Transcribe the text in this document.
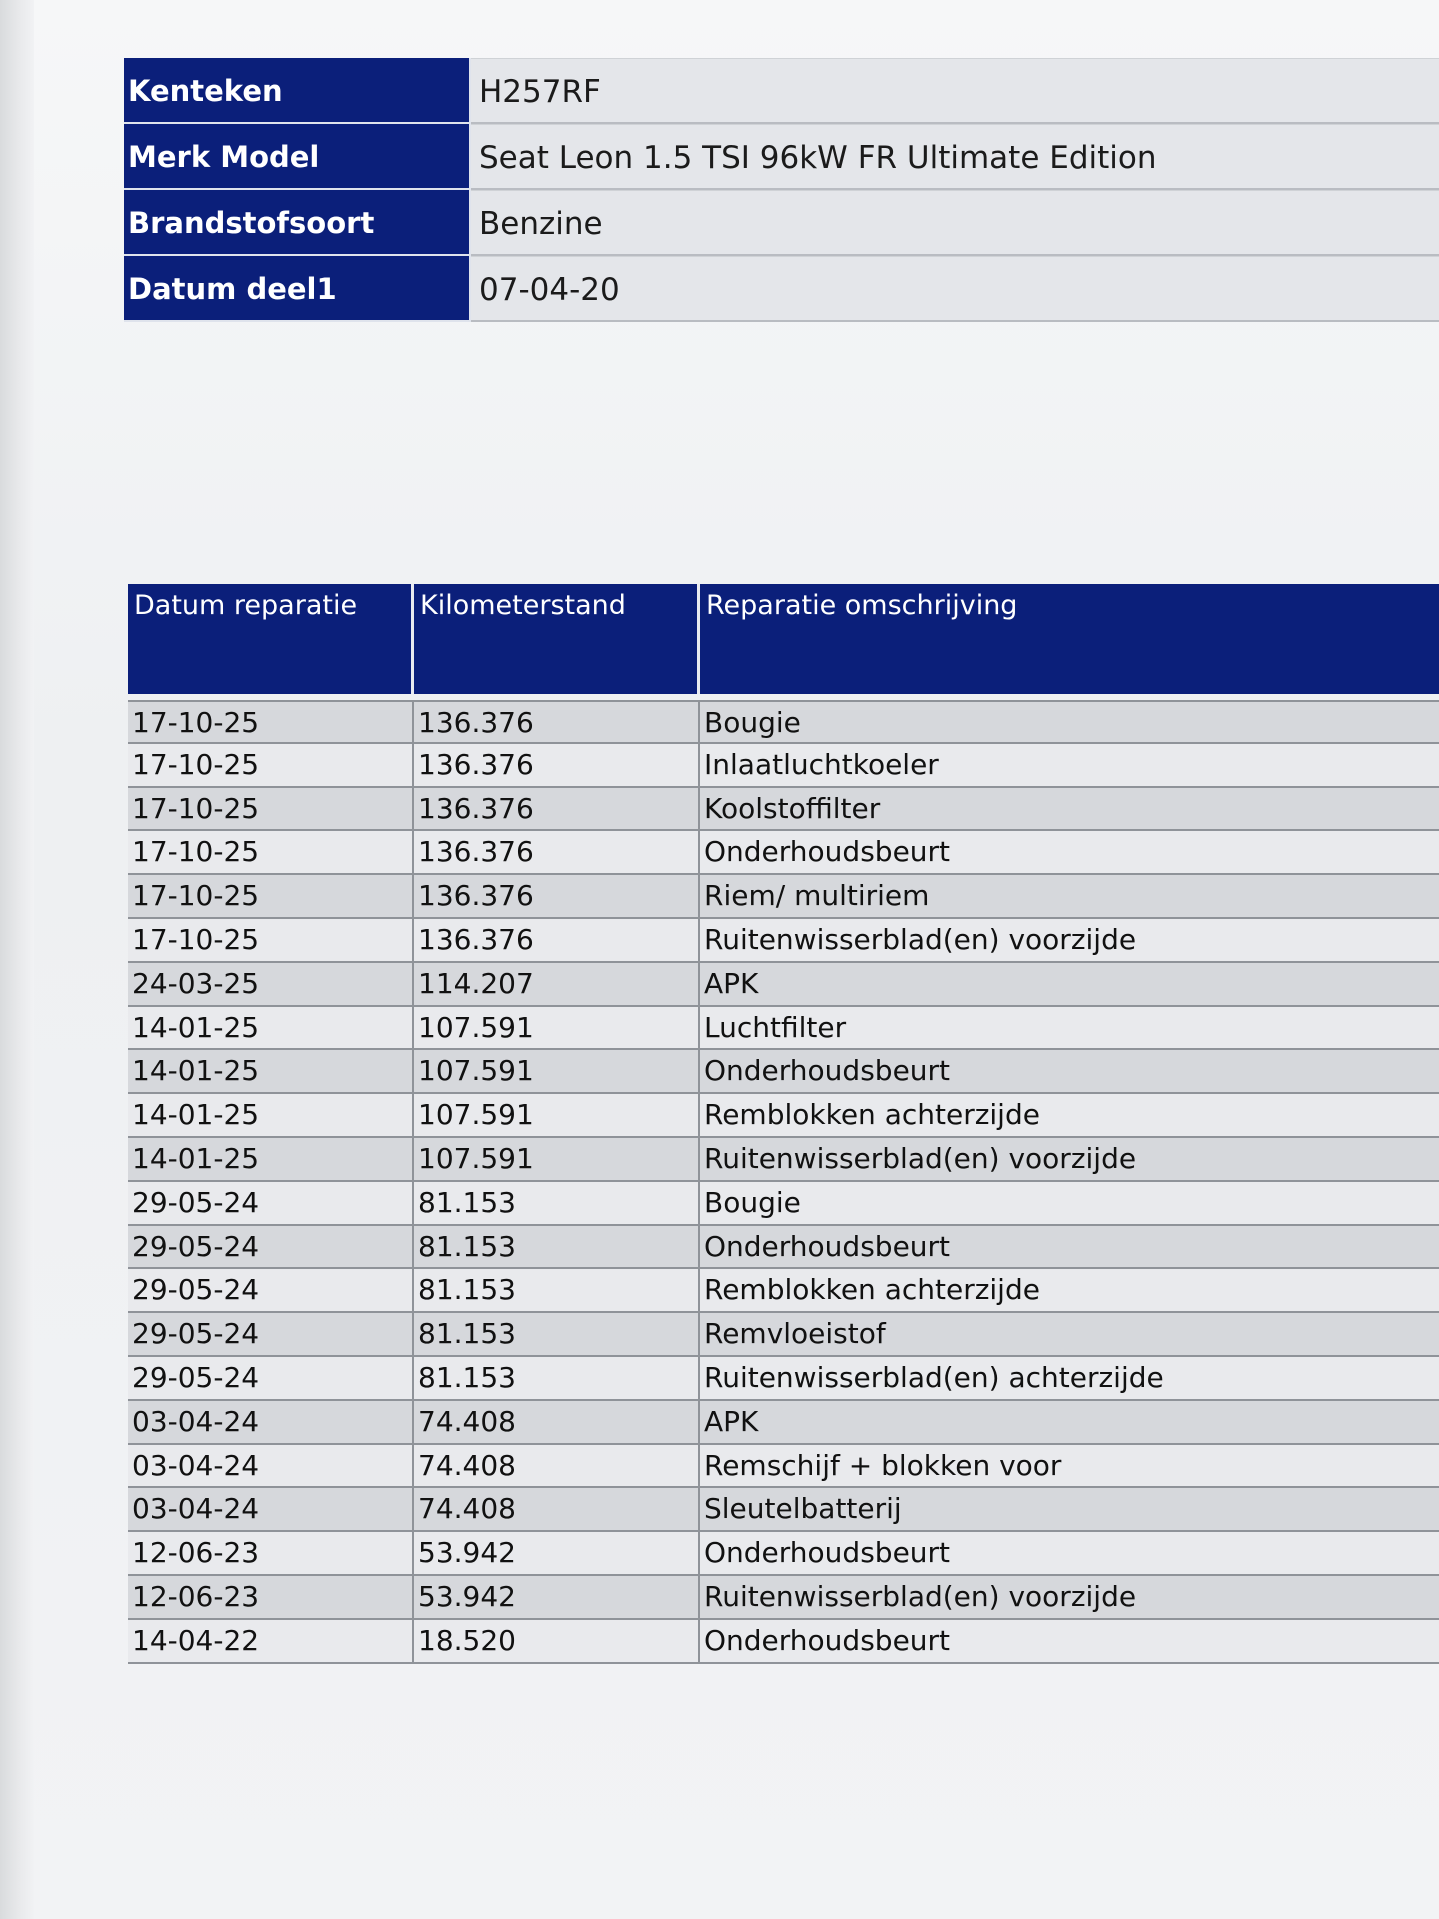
Kenteken	H257RF
Merk Model	Seat Leon 1.5 TSI 96kW FR Ultimate Edition
Brandstofsoort	Benzine
Datum deel1	07-04-20
Datum reparatie	Kilometerstand	Reparatie omschrijving
17-10-25	136.376	Bougie
17-10-25	136.376	Inlaatluchtkoeler
17-10-25	136.376	Koolstoffilter
17-10-25	136.376	Onderhoudsbeurt
17-10-25	136.376	Riem/ multiriem
17-10-25	136.376	Ruitenwisserblad(en) voorzijde
24-03-25	114.207	APK
14-01-25	107.591	Luchtfilter
14-01-25	107.591	Onderhoudsbeurt
14-01-25	107.591	Remblokken achterzijde
14-01-25	107.591	Ruitenwisserblad(en) voorzijde
29-05-24	81.153	Bougie
29-05-24	81.153	Onderhoudsbeurt
29-05-24	81.153	Remblokken achterzijde
29-05-24	81.153	Remvloeistof
29-05-24	81.153	Ruitenwisserblad(en) achterzijde
03-04-24	74.408	APK
03-04-24	74.408	Remschijf + blokken voor
03-04-24	74.408	Sleutelbatterij
12-06-23	53.942	Onderhoudsbeurt
12-06-23	53.942	Ruitenwisserblad(en) voorzijde
14-04-22	18.520	Onderhoudsbeurt
